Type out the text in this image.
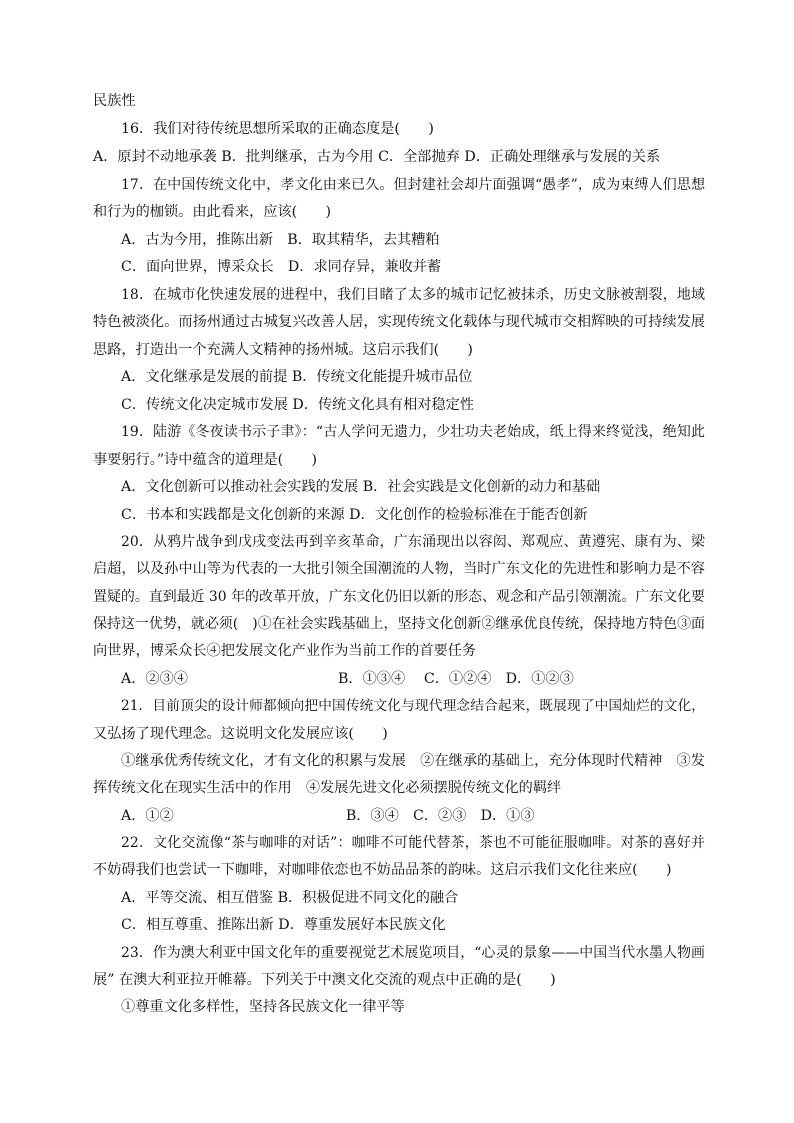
民族性
16．我们对待传统思想所采取的正确态度是(　　)
A．原封不动地承袭 B．批判继承，古为今用 C．全部抛弃 D．正确处理继承与发展的关系
17．在中国传统文化中，孝文化由来已久。但封建社会却片面强调“愚孝”，成为束缚人们思想
和行为的枷锁。由此看来，应该(　　)
A．古为今用，推陈出新　B．取其精华，去其糟粕
C．面向世界，博采众长　D．求同存异，兼收并蓄
18．在城市化快速发展的进程中，我们目睹了太多的城市记忆被抹杀，历史文脉被割裂，地域
特色被淡化。而扬州通过古城复兴改善人居，实现传统文化载体与现代城市交相辉映的可持续发展
思路，打造出一个充满人文精神的扬州城。这启示我们(　　)
A．文化继承是发展的前提 B．传统文化能提升城市品位
C．传统文化决定城市发展 D．传统文化具有相对稳定性
19．陆游《冬夜读书示子聿》：“古人学问无遗力，少壮功夫老始成，纸上得来终觉浅，绝知此
事要躬行。”诗中蕴含的道理是(　　)
A．文化创新可以推动社会实践的发展 B．社会实践是文化创新的动力和基础
C．书本和实践都是文化创新的来源 D．文化创作的检验标准在于能否创新
20．从鸦片战争到戊戌变法再到辛亥革命，广东涌现出以容闳、郑观应、黄遵宪、康有为、梁
启超，以及孙中山等为代表的一大批引领全国潮流的人物，当时广东文化的先进性和影响力是不容
置疑的。直到最近 30 年的改革开放，广东文化仍旧以新的形态、观念和产品引领潮流。广东文化要
保持这一优势，就必须(　)①在社会实践基础上，坚持文化创新②继承优良传统，保持地方特色③面
向世界，博采众长④把发展文化产业作为当前工作的首要任务
A．②③④	B．①③④　 C．①②④　D．①②③
21．目前顶尖的设计师都倾向把中国传统文化与现代理念结合起来，既展现了中国灿烂的文化，
又弘扬了现代理念。这说明文化发展应该(　　)
①继承优秀传统文化，才有文化的积累与发展　②在继承的基础上，充分体现时代精神　③发
挥传统文化在现实生活中的作用　④发展先进文化必须摆脱传统文化的羁绊
A．①②	B．③④　C．②③　D．①③
22．文化交流像“茶与咖啡的对话”：咖啡不可能代替茶，茶也不可能征服咖啡。对茶的喜好并
不妨碍我们也尝试一下咖啡，对咖啡依恋也不妨品品茶的韵味。这启示我们文化往来应(　　)
A．平等交流、相互借鉴 B．积极促进不同文化的融合
C．相互尊重、推陈出新 D．尊重发展好本民族文化
23．作为澳大利亚中国文化年的重要视觉艺术展览项目，“心灵的景象——中国当代水墨人物画
展” 在澳大利亚拉开帷幕。下列关于中澳文化交流的观点中正确的是(　　)
①尊重文化多样性，坚持各民族文化一律平等
